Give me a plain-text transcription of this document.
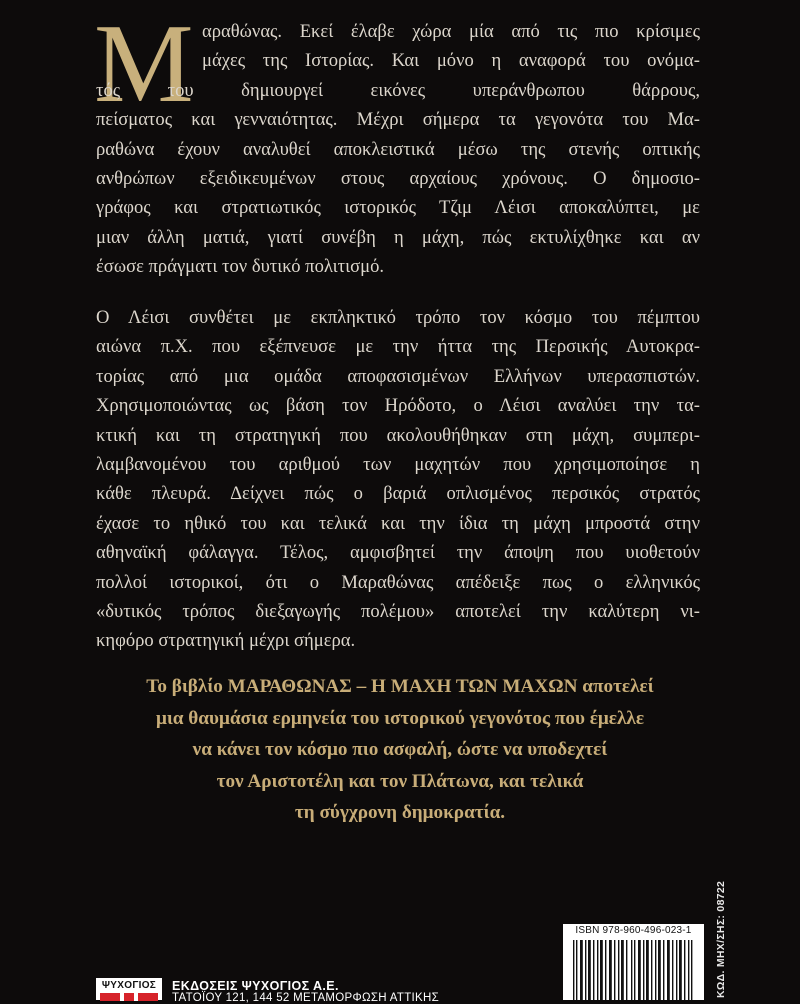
Μ αραθώνας. Εκεί έλαβε χώρα μία από τις πιο κρίσιμες
μάχες της Ιστορίας. Και μόνο η αναφορά του ονόμα-
τός του δημιουργεί εικόνες υπεράνθρωπου θάρρους,
πείσματος και γενναιότητας. Μέχρι σήμερα τα γεγονότα του Μα-
ραθώνα έχουν αναλυθεί αποκλειστικά μέσω της στενής οπτικής
ανθρώπων εξειδικευμένων στους αρχαίους χρόνους. Ο δημοσιο-
γράφος και στρατιωτικός ιστορικός Τζιμ Λέισι αποκαλύπτει, με
μιαν άλλη ματιά, γιατί συνέβη η μάχη, πώς εκτυλίχθηκε και αν
έσωσε πράγματι τον δυτικό πολιτισμό.
Ο Λέισι συνθέτει με εκπληκτικό τρόπο τον κόσμο του πέμπτου
αιώνα π.Χ. που εξέπνευσε με την ήττα της Περσικής Αυτοκρα-
τορίας από μια ομάδα αποφασισμένων Ελλήνων υπερασπιστών.
Χρησιμοποιώντας ως βάση τον Ηρόδοτο, ο Λέισι αναλύει την τα-
κτική και τη στρατηγική που ακολουθήθηκαν στη μάχη, συμπερι-
λαμβανομένου του αριθμού των μαχητών που χρησιμοποίησε η
κάθε πλευρά. Δείχνει πώς ο βαριά οπλισμένος περσικός στρατός
έχασε το ηθικό του και τελικά και την ίδια τη μάχη μπροστά στην
αθηναϊκή φάλαγγα. Τέλος, αμφισβητεί την άποψη που υιοθετούν
πολλοί ιστορικοί, ότι ο Μαραθώνας απέδειξε πως ο ελληνικός
«δυτικός τρόπος διεξαγωγής πολέμου» αποτελεί την καλύτερη νι-
κηφόρο στρατηγική μέχρι σήμερα.
Το βιβλίο ΜΑΡΑΘΩΝΑΣ – Η ΜΑΧΗ ΤΩΝ ΜΑΧΩΝ αποτελεί
μια θαυμάσια ερμηνεία του ιστορικού γεγονότος που έμελλε
να κάνει τον κόσμο πιο ασφαλή, ώστε να υποδεχτεί
τον Αριστοτέλη και τον Πλάτωνα, και τελικά
τη σύγχρονη δημοκρατία.
ISBN 978-960-496-023-1	ΚΩΔ. ΜΗΧ/ΣΗΣ: 08722
ΨΥΧΟΓΙΟΣ	ΕΚΔΟΣΕΙΣ ΨΥΧΟΓΙΟΣ Α.Ε.
ΤΑΤΟΪΟΥ 121, 144 52 ΜΕΤΑΜΟΡΦΩΣΗ ΑΤΤΙΚΗΣ
